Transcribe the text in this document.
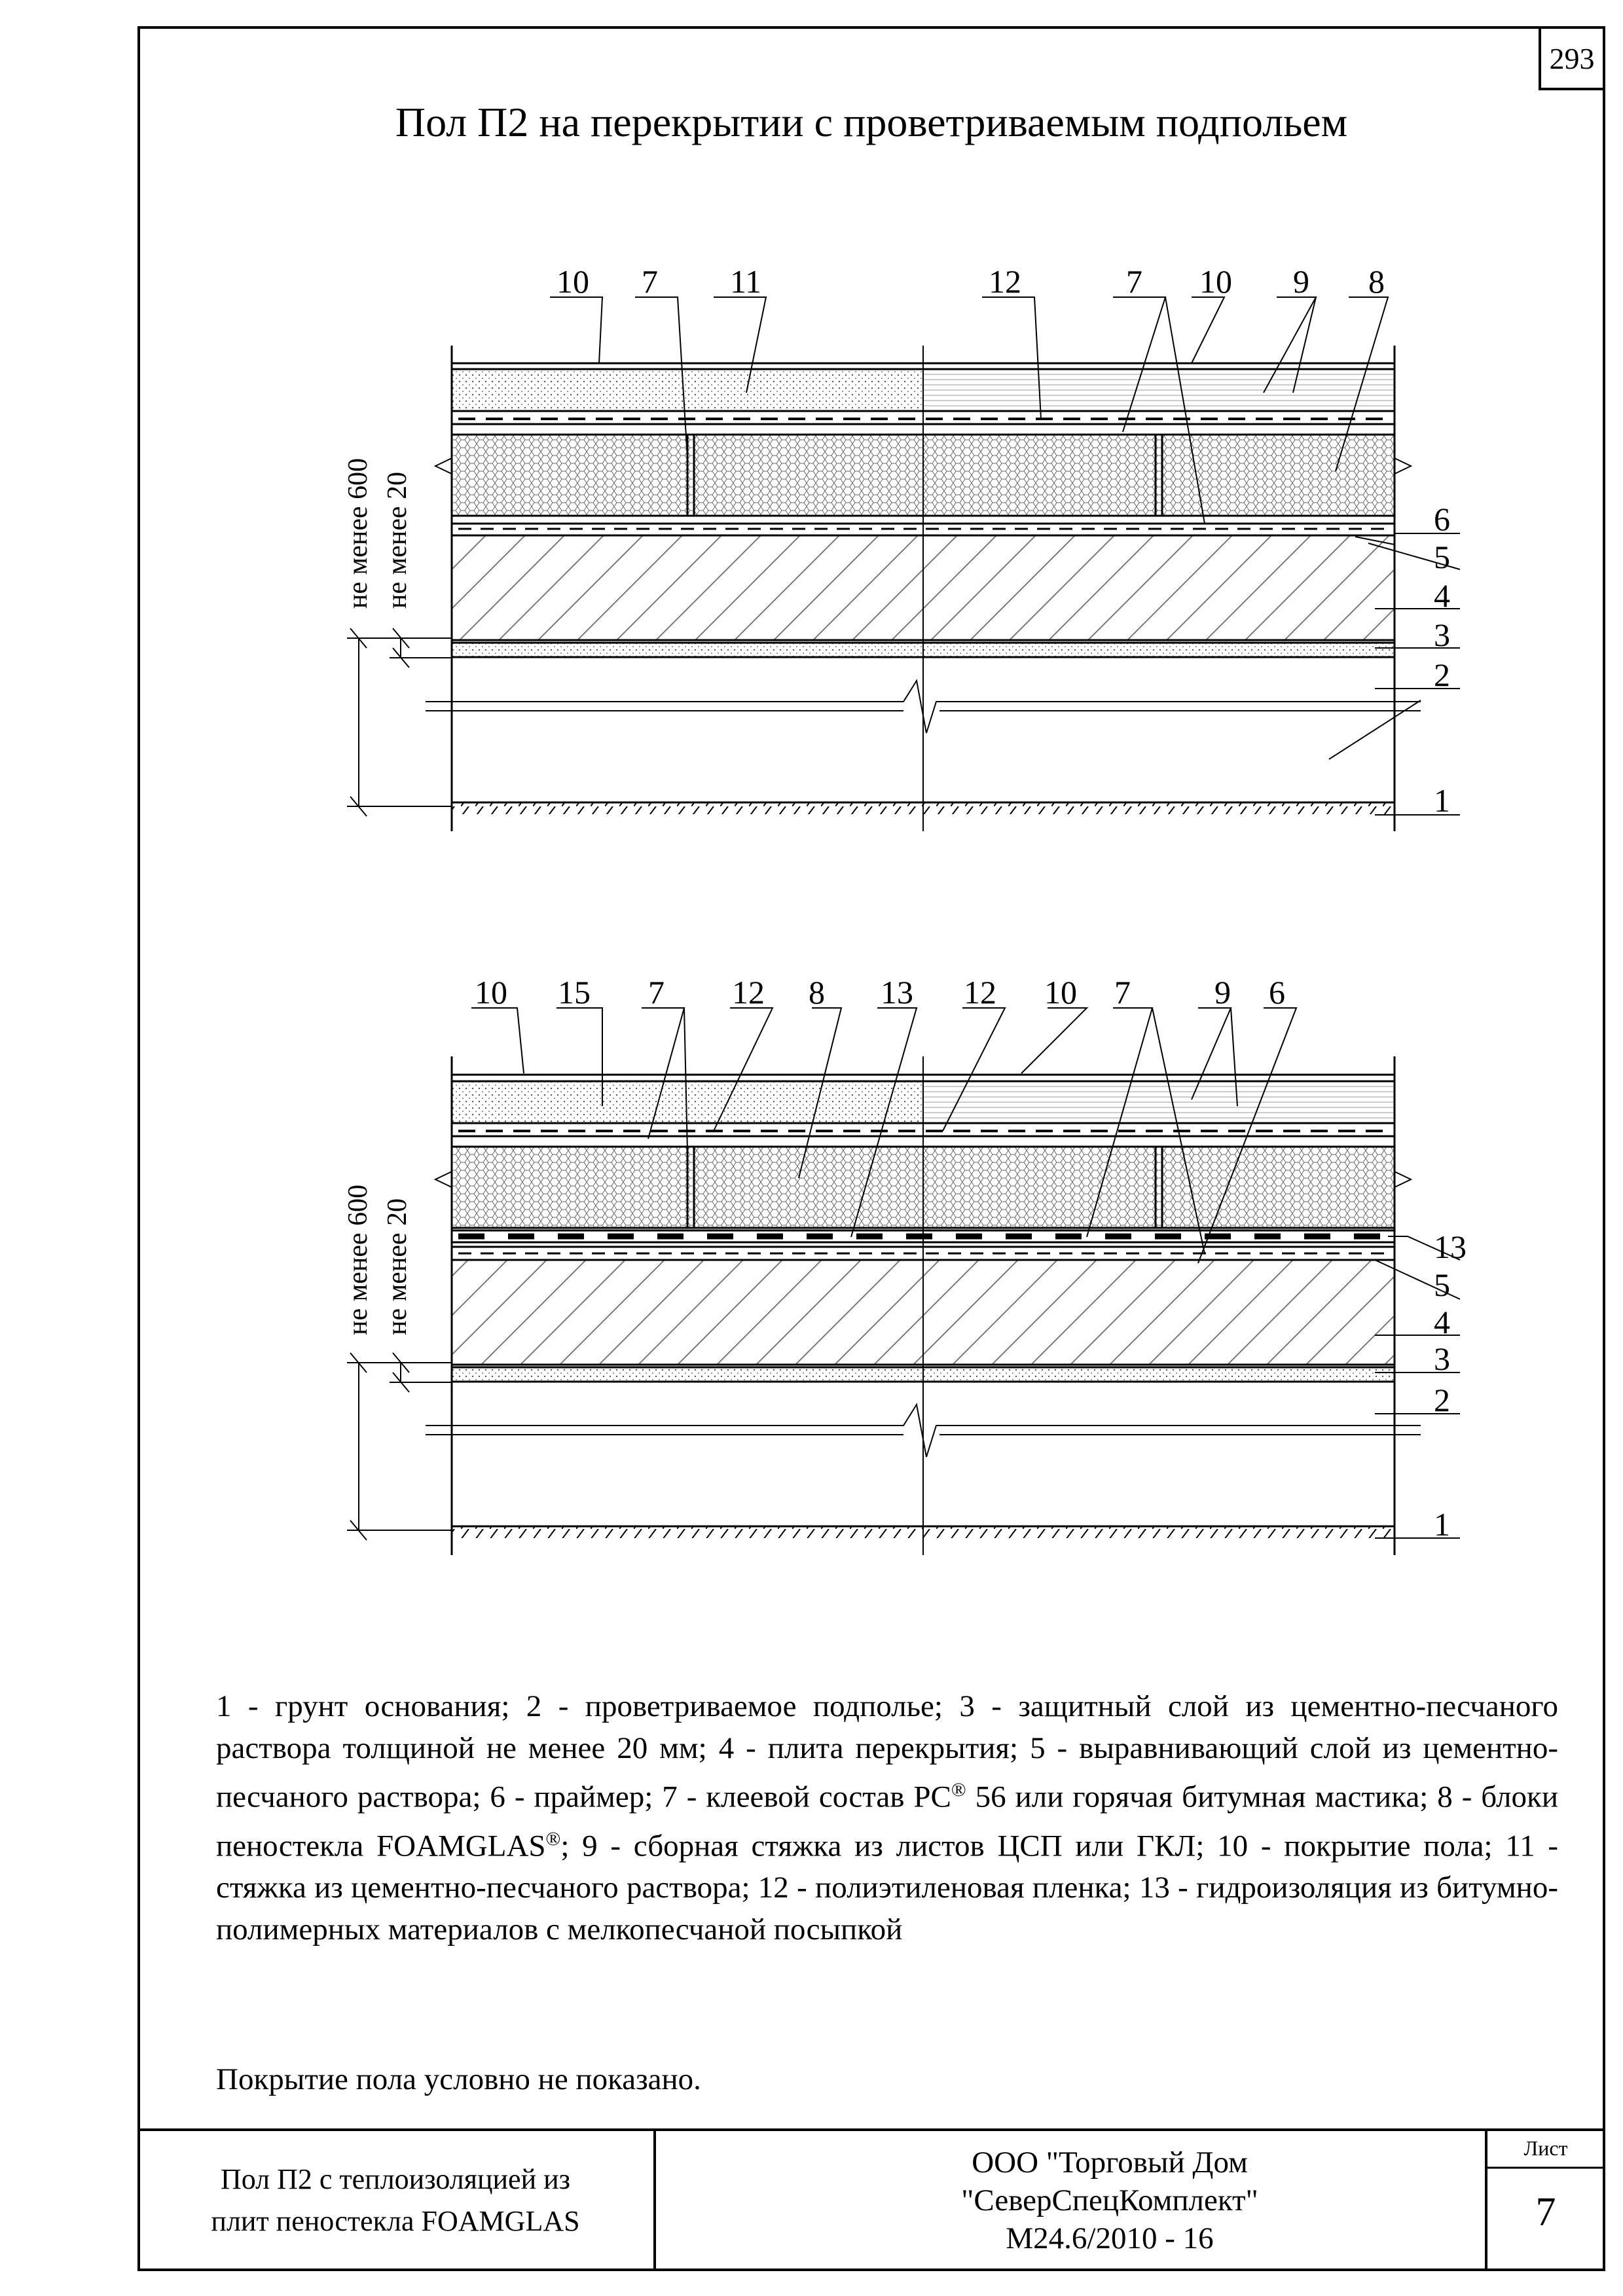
293
Пол П2 на перекрытии с проветриваемым подпольем
не менее 600 не менее 20
10 7 11	12	7 10 9 8
6
5
4
3
2
1
не менее 600 не менее 20
10 15 7 12 8 13 12 10 7	9 6
13
5
4
3
2
1
1 - грунт основания; 2 - проветриваемое подполье; 3 - защитный слой из цементно-песчаного раствора толщиной не менее 20 мм; 4 - плита перекрытия; 5 - выравнивающий слой из цементно-песчаного раствора; 6 - праймер; 7 - клеевой состав PC® 56 или горячая битумная мастика; 8 - блоки пеностекла FOAMGLAS®; 9 - сборная стяжка из листов ЦСП или ГКЛ; 10 - покрытие пола; 11 - стяжка из цементно-песчаного раствора; 12 - полиэтиленовая пленка; 13 - гидроизоляция из битумно-полимерных материалов с мелкопесчаной посыпкой
Покрытие пола условно не показано.
Пол П2 с теплоизоляцией из
плит пеностекла FOAMGLAS
ООО "Торговый Дом
"СеверСпецКомплект"
М24.6/2010 - 16
Лист
7
